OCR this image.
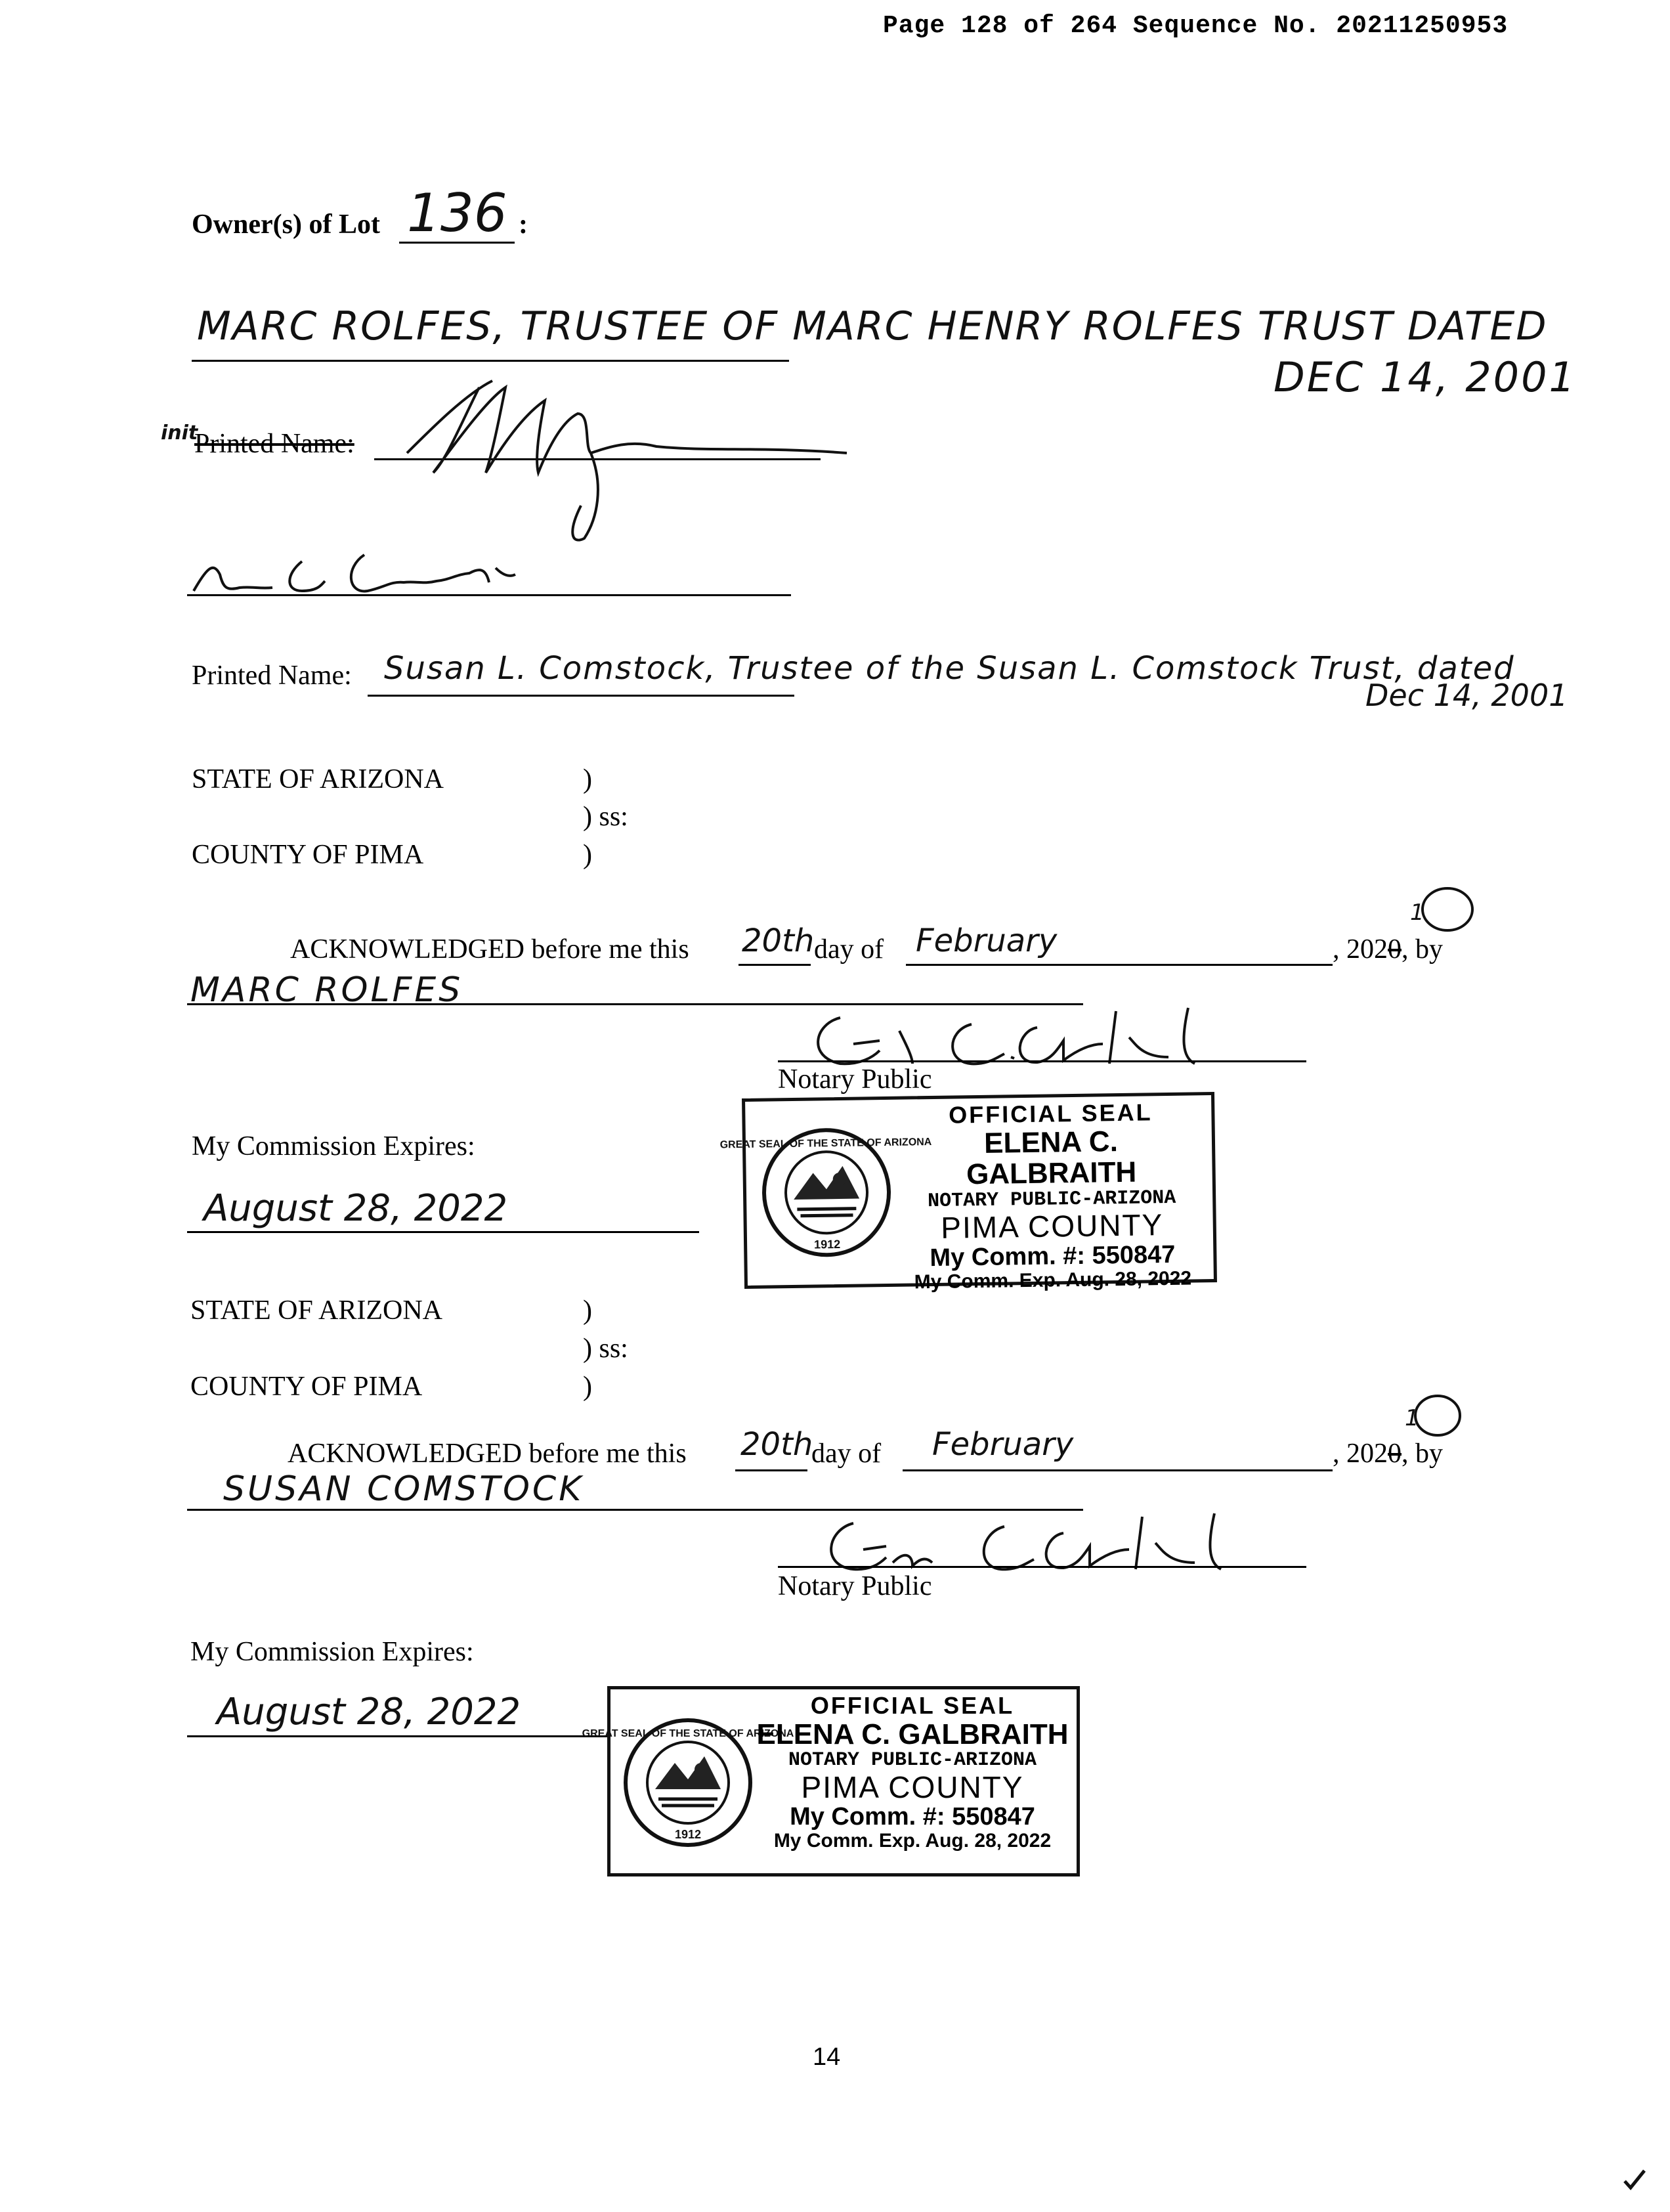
Page 128 of 264 Sequence No. 20211250953
Owner(s) of Lot 136 :
MARC ROLFES, TRUSTEE OF MARC HENRY ROLFES TRUST DATED
DEC 14, 2001
init
Printed Name:
Printed Name: Susan L. Comstock, Trustee of the Susan L. Comstock Trust, dated
Dec 14, 2001
STATE OF ARIZONA	)
) ss:
COUNTY OF PIMA	)
ACKNOWLEDGED before me this 20th day of February	, 2020, by
1
MARC ROLFES
Notary Public
My Commission Expires:
August 28, 2022
GREAT SEAL OF THE STATE OF ARIZONA
1912
OFFICIAL SEAL
ELENA C. GALBRAITH
NOTARY PUBLIC-ARIZONA
PIMA COUNTY
My Comm. #: 550847
My Comm. Exp. Aug. 28, 2022
STATE OF ARIZONA	)
) ss:
COUNTY OF PIMA	)
ACKNOWLEDGED before me this 20th
day of February	, 2020, by
1
SUSAN COMSTOCK
Notary Public
My Commission Expires:
August 28, 2022
GREAT SEAL OF THE STATE OF ARIZONA
1912
OFFICIAL SEAL
ELENA C. GALBRAITH
NOTARY PUBLIC-ARIZONA
PIMA COUNTY
My Comm. #: 550847
My Comm. Exp. Aug. 28, 2022
14
